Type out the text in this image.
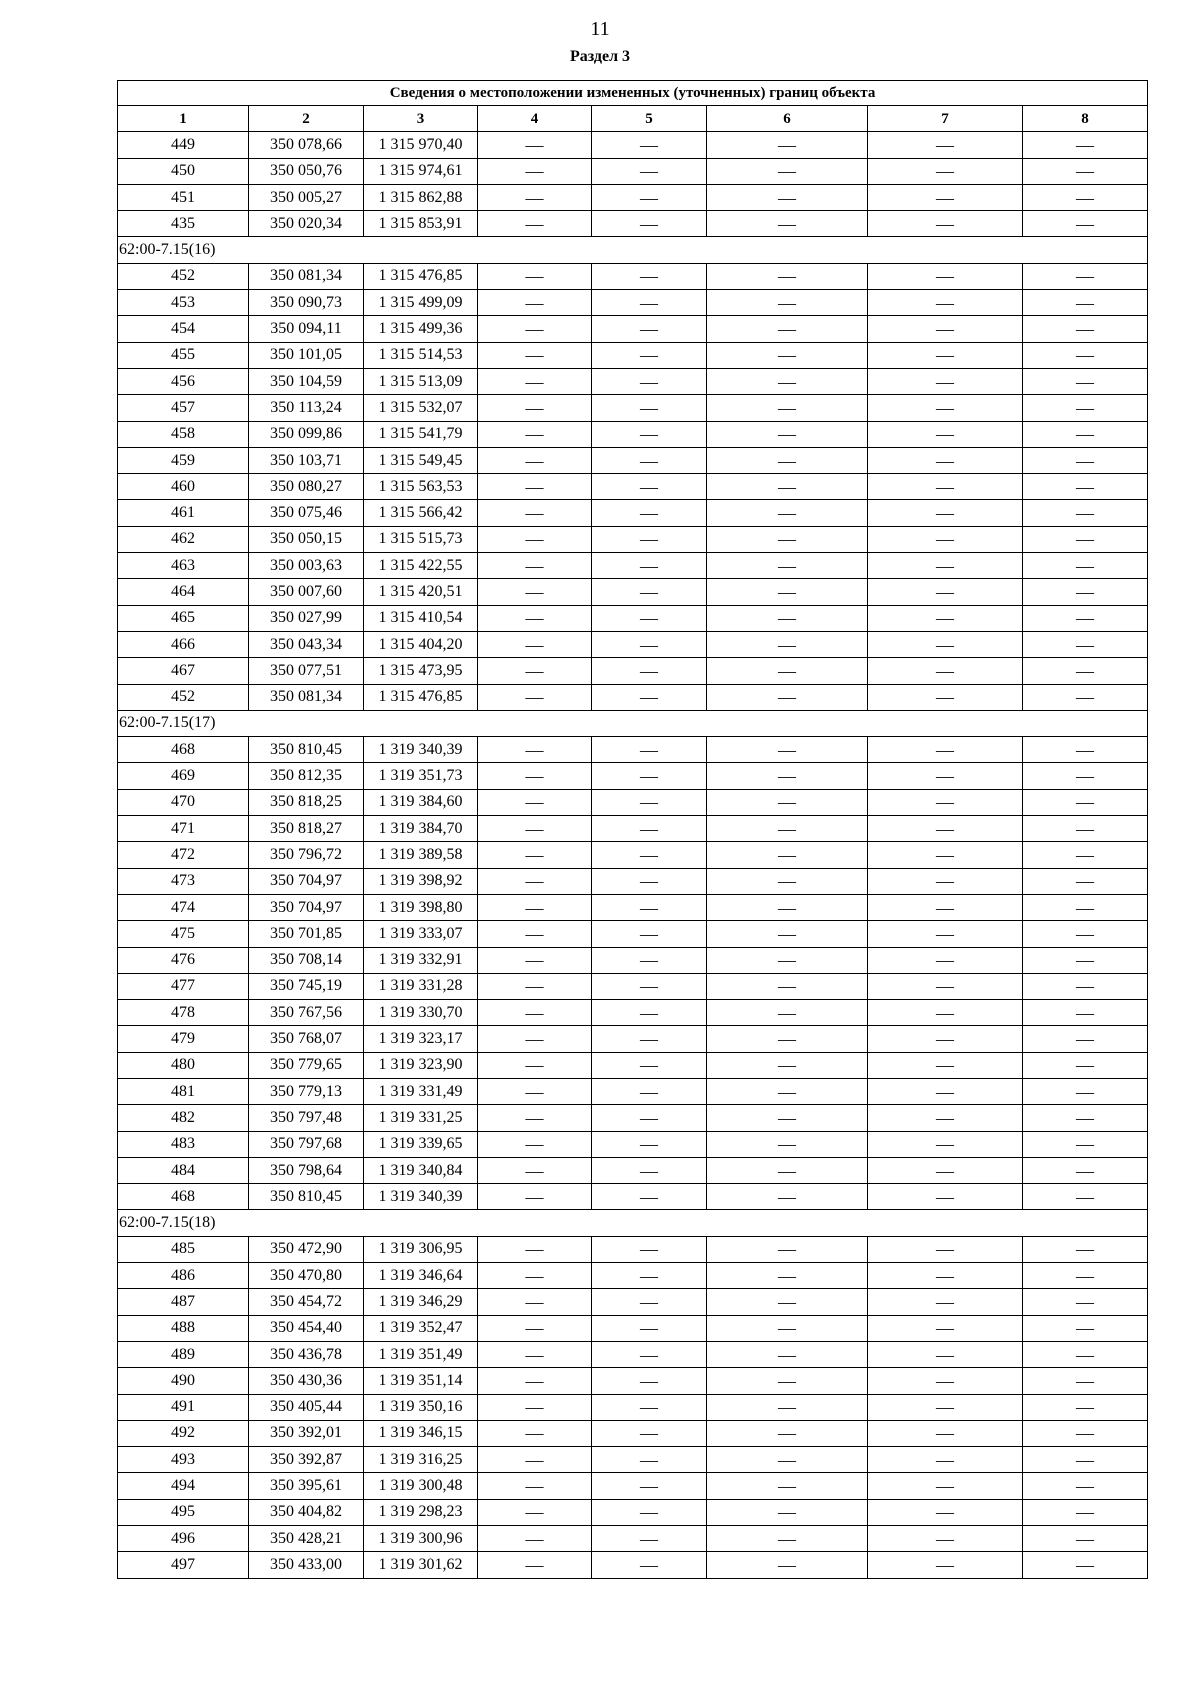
11
Раздел 3
Сведения о местоположении измененных (уточненных) границ объекта							
1	2	3	4	5	6	7	8
449	350 078,66	1 315 970,40	—	—	—	—	—
450	350 050,76	1 315 974,61	—	—	—	—	—
451	350 005,27	1 315 862,88	—	—	—	—	—
435	350 020,34	1 315 853,91	—	—	—	—	—
62:00-7.15(16)							
452	350 081,34	1 315 476,85	—	—	—	—	—
453	350 090,73	1 315 499,09	—	—	—	—	—
454	350 094,11	1 315 499,36	—	—	—	—	—
455	350 101,05	1 315 514,53	—	—	—	—	—
456	350 104,59	1 315 513,09	—	—	—	—	—
457	350 113,24	1 315 532,07	—	—	—	—	—
458	350 099,86	1 315 541,79	—	—	—	—	—
459	350 103,71	1 315 549,45	—	—	—	—	—
460	350 080,27	1 315 563,53	—	—	—	—	—
461	350 075,46	1 315 566,42	—	—	—	—	—
462	350 050,15	1 315 515,73	—	—	—	—	—
463	350 003,63	1 315 422,55	—	—	—	—	—
464	350 007,60	1 315 420,51	—	—	—	—	—
465	350 027,99	1 315 410,54	—	—	—	—	—
466	350 043,34	1 315 404,20	—	—	—	—	—
467	350 077,51	1 315 473,95	—	—	—	—	—
452	350 081,34	1 315 476,85	—	—	—	—	—
62:00-7.15(17)							
468	350 810,45	1 319 340,39	—	—	—	—	—
469	350 812,35	1 319 351,73	—	—	—	—	—
470	350 818,25	1 319 384,60	—	—	—	—	—
471	350 818,27	1 319 384,70	—	—	—	—	—
472	350 796,72	1 319 389,58	—	—	—	—	—
473	350 704,97	1 319 398,92	—	—	—	—	—
474	350 704,97	1 319 398,80	—	—	—	—	—
475	350 701,85	1 319 333,07	—	—	—	—	—
476	350 708,14	1 319 332,91	—	—	—	—	—
477	350 745,19	1 319 331,28	—	—	—	—	—
478	350 767,56	1 319 330,70	—	—	—	—	—
479	350 768,07	1 319 323,17	—	—	—	—	—
480	350 779,65	1 319 323,90	—	—	—	—	—
481	350 779,13	1 319 331,49	—	—	—	—	—
482	350 797,48	1 319 331,25	—	—	—	—	—
483	350 797,68	1 319 339,65	—	—	—	—	—
484	350 798,64	1 319 340,84	—	—	—	—	—
468	350 810,45	1 319 340,39	—	—	—	—	—
62:00-7.15(18)							
485	350 472,90	1 319 306,95	—	—	—	—	—
486	350 470,80	1 319 346,64	—	—	—	—	—
487	350 454,72	1 319 346,29	—	—	—	—	—
488	350 454,40	1 319 352,47	—	—	—	—	—
489	350 436,78	1 319 351,49	—	—	—	—	—
490	350 430,36	1 319 351,14	—	—	—	—	—
491	350 405,44	1 319 350,16	—	—	—	—	—
492	350 392,01	1 319 346,15	—	—	—	—	—
493	350 392,87	1 319 316,25	—	—	—	—	—
494	350 395,61	1 319 300,48	—	—	—	—	—
495	350 404,82	1 319 298,23	—	—	—	—	—
496	350 428,21	1 319 300,96	—	—	—	—	—
497	350 433,00	1 319 301,62	—	—	—	—	—
